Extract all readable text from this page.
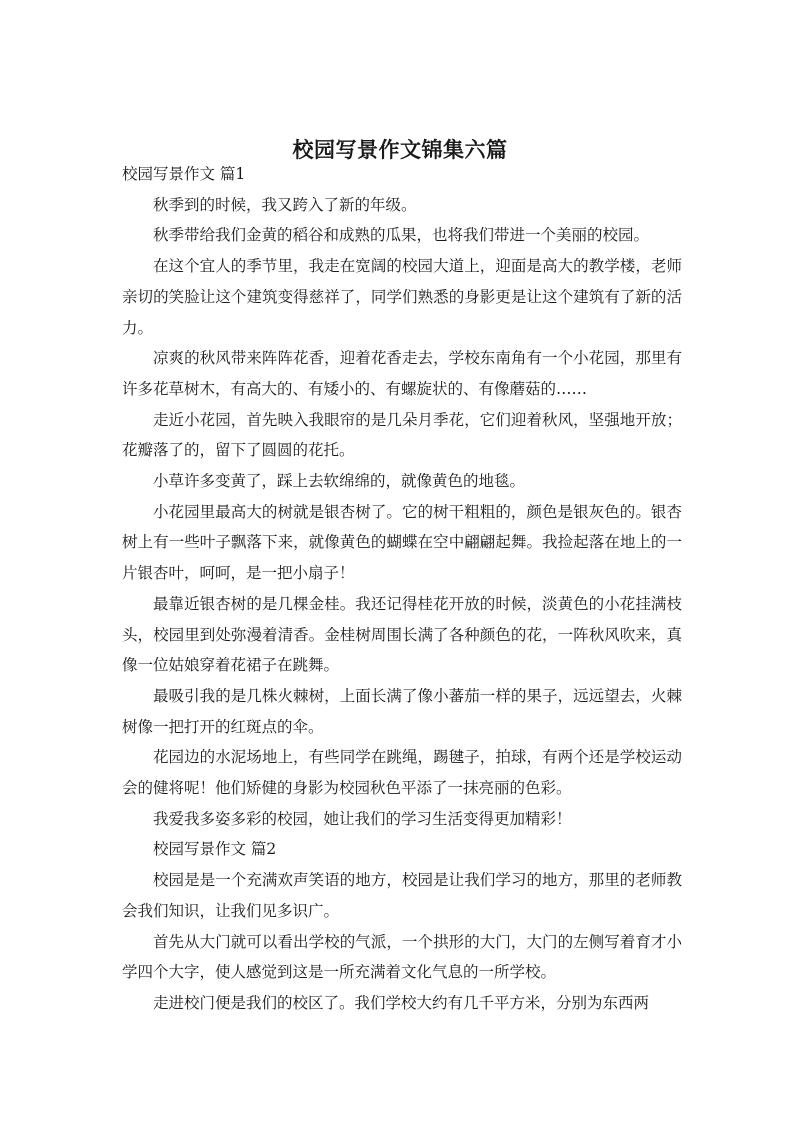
校园写景作文锦集六篇

校园写景作文 篇1

秋季到的时候，我又跨入了新的年级。

秋季带给我们金黄的稻谷和成熟的瓜果，也将我们带进一个美丽的校园。

在这个宜人的季节里，我走在宽阔的校园大道上，迎面是高大的教学楼，老师亲切的笑脸让这个建筑变得慈祥了，同学们熟悉的身影更是让这个建筑有了新的活力。

凉爽的秋风带来阵阵花香，迎着花香走去，学校东南角有一个小花园，那里有许多花草树木，有高大的、有矮小的、有螺旋状的、有像蘑菇的……

走近小花园，首先映入我眼帘的是几朵月季花，它们迎着秋风，坚强地开放；花瓣落了的，留下了圆圆的花托。

小草许多变黄了，踩上去软绵绵的，就像黄色的地毯。

小花园里最高大的树就是银杏树了。它的树干粗粗的，颜色是银灰色的。银杏树上有一些叶子飘落下来，就像黄色的蝴蝶在空中翩翩起舞。我捡起落在地上的一片银杏叶，呵呵，是一把小扇子！

最靠近银杏树的是几棵金桂。我还记得桂花开放的时候，淡黄色的小花挂满枝头，校园里到处弥漫着清香。金桂树周围长满了各种颜色的花，一阵秋风吹来，真像一位姑娘穿着花裙子在跳舞。

最吸引我的是几株火棘树，上面长满了像小蕃茄一样的果子，远远望去，火棘树像一把打开的红斑点的伞。

花园边的水泥场地上，有些同学在跳绳，踢毽子，拍球，有两个还是学校运动会的健将呢！他们矫健的身影为校园秋色平添了一抹亮丽的色彩。

我爱我多姿多彩的校园，她让我们的学习生活变得更加精彩！

校园写景作文 篇2

校园是是一个充满欢声笑语的地方，校园是让我们学习的地方，那里的老师教会我们知识，让我们见多识广。

首先从大门就可以看出学校的气派，一个拱形的大门，大门的左侧写着育才小学四个大字，使人感觉到这是一所充满着文化气息的一所学校。

走进校门便是我们的校区了。我们学校大约有几千平方米，分别为东西两
